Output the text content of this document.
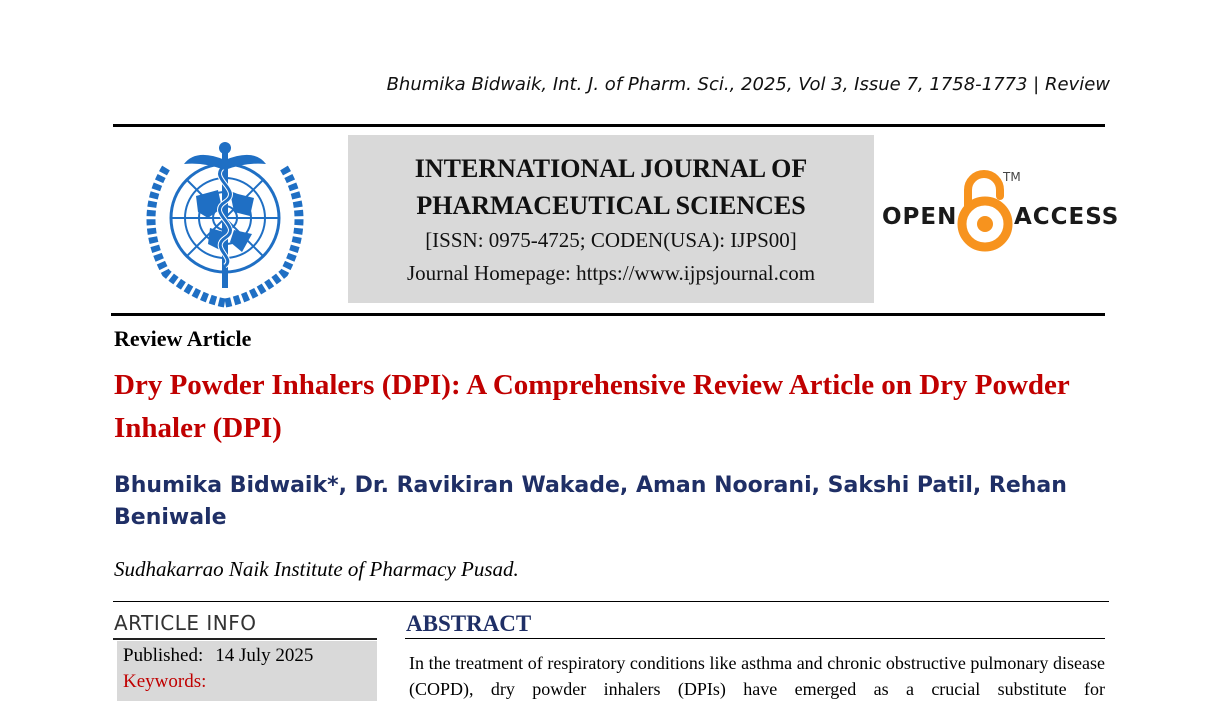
Bhumika Bidwaik, Int. J. of Pharm. Sci., 2025, Vol 3, Issue 7, 1758-1773 | Review
INTERNATIONAL JOURNAL OF
PHARMACEUTICAL SCIENCES
[ISSN: 0975-4725; CODEN(USA): IJPS00]
Journal Homepage: https://www.ijpsjournal.com
OPEN
TM
ACCESS
Review Article
Dry Powder Inhalers (DPI): A Comprehensive Review Article on Dry Powder Inhaler (DPI)
Bhumika Bidwaik*, Dr. Ravikiran Wakade, Aman Noorani, Sakshi Patil, Rehan Beniwale
Sudhakarrao Naik Institute of Pharmacy Pusad.
ARTICLE INFO
Published: 14 July 2025
Keywords:
ABSTRACT
In the treatment of respiratory conditions like asthma and chronic obstructive pulmonary disease (COPD), dry powder inhalers (DPIs) have emerged as a crucial substitute for
